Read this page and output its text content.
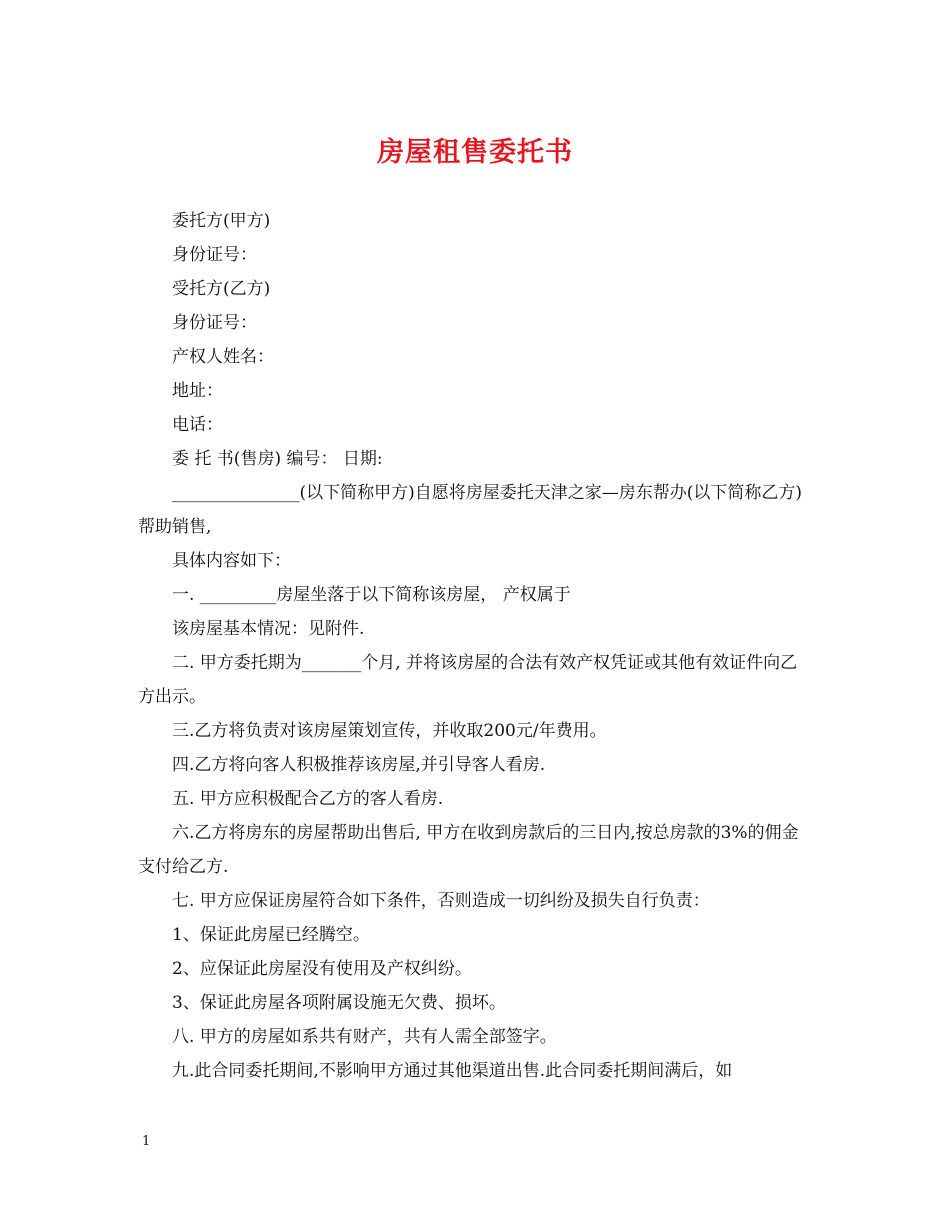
房屋租售委托书

委托方(甲方)

身份证号：

受托方(乙方)

身份证号：

产权人姓名：

地址：

电话：

委 托 书(售房) 编号： 日期:

_______________(以下简称甲方)自愿将房屋委托天津之家—房东帮办(以下简称乙方)帮助销售,

具体内容如下：

一. _________房屋坐落于以下简称该房屋， 产权属于

该房屋基本情况：见附件.

二. 甲方委托期为_______个月, 并将该房屋的合法有效产权凭证或其他有效证件向乙方出示。

三.乙方将负责对该房屋策划宣传，并收取200元/年费用。

四.乙方将向客人积极推荐该房屋,并引导客人看房.

五. 甲方应积极配合乙方的客人看房.

六.乙方将房东的房屋帮助出售后, 甲方在收到房款后的三日内,按总房款的3%的佣金支付给乙方.

七. 甲方应保证房屋符合如下条件，否则造成一切纠纷及损失自行负责：

1、保证此房屋已经腾空。

2、应保证此房屋没有使用及产权纠纷。

3、保证此房屋各项附属设施无欠费、损坏。

八. 甲方的房屋如系共有财产，共有人需全部签字。

九.此合同委托期间,不影响甲方通过其他渠道出售.此合同委托期间满后，如

1
